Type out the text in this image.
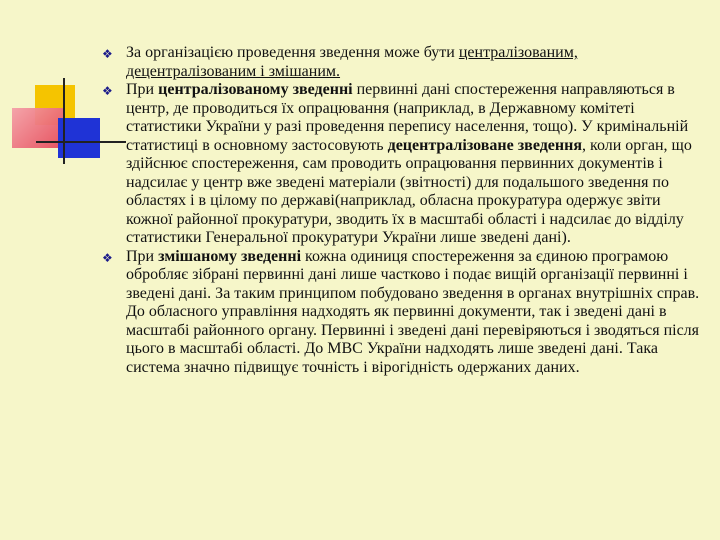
❖ За організацією проведення зведення може бути централізованим, децентралізованим і змішаним.

❖ При централізованому зведенні первинні дані спостереження направляються в центр, де проводиться їх опрацювання (наприклад, в Державному комітеті статистики України у разі проведення перепису населення, тощо). У кримінальній статистиці в основному застосовують децентралізоване зведення, коли орган, що здійснює спостереження, сам проводить опрацювання первинних документів і надсилає у центр вже зведені матеріали (звітності) для подальшого зведення по областях і в цілому по державі(наприклад, обласна прокуратура одержує звіти кожної районної прокуратури, зводить їх в масштабі області і надсилає до відділу статистики Генеральної прокуратури України лише зведені дані).

❖ При змішаному зведенні кожна одиниця спостереження за єдиною програмою обробляє зібрані первинні дані лише частково і подає вищій організації первинні і зведені дані. За таким принципом побудовано зведення в органах внутрішніх справ. До обласного управління надходять як первинні документи, так і зведені дані в масштабі районного органу. Первинні і зведені дані перевіряються і зводяться після цього в масштабі області. До МВС України надходять лише зведені дані. Така система значно підвищує точність і вірогідність одержаних даних.
